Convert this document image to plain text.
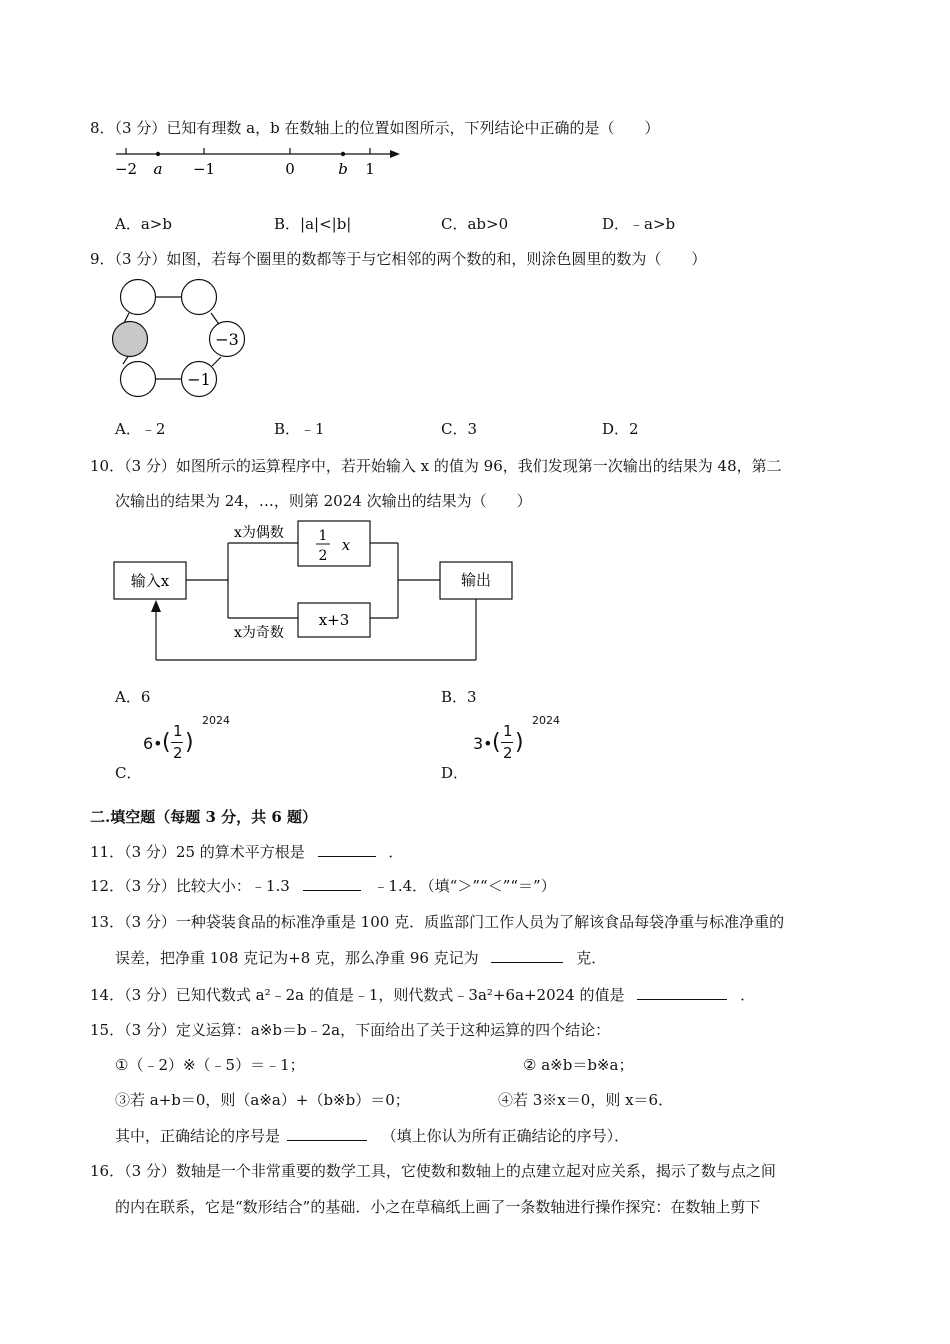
8．（3 分）已知有理数 a，b 在数轴上的位置如图所示，下列结论中正确的是（　　）
−2 a −1	0	b 1
A．a>b	B．|a|<|b|	C．ab>0	D．﹣a>b
9．（3 分）如图，若每个圈里的数都等于与它相邻的两个数的和，则涂色圆里的数为（　　）
−3
−1
A．﹣2	B．﹣1	C．3	D．2
10．（3 分）如图所示的运算程序中，若开始输入 x 的值为 96，我们发现第一次输出的结果为 48，第二
次输出的结果为 24，…，则第 2024 次输出的结果为（　　）
输入x
x为偶数
x为奇数
1
2
x
x+3
输出
A．6	B．3
6• ( 1
2 )
2024
C．
3• ( 1
2 )
2024
D．
二.填空题（每题 3 分，共 6 题）
11．（3 分）25 的算术平方根是	．
12．（3 分）比较大小：﹣1.3	﹣1.4．（填“＞”“＜”“＝”）
13．（3 分）一种袋装食品的标准净重是 100 克．质监部门工作人员为了解该食品每袋净重与标准净重的
误差，把净重 108 克记为+8 克，那么净重 96 克记为	克．
14．（3 分）已知代数式 a²﹣2a 的值是﹣1，则代数式﹣3a²+6a+2024 的值是	．
15．（3 分）定义运算：a※b＝b﹣2a，下面给出了关于这种运算的四个结论：
①（﹣2）※（﹣5）＝﹣1；	② a※b＝b※a；
③若 a+b＝0，则（a※a）+（b※b）＝0；	④若 3※x＝0，则 x＝6．
其中，正确结论的序号是	（填上你认为所有正确结论的序号）．
16．（3 分）数轴是一个非常重要的数学工具，它使数和数轴上的点建立起对应关系，揭示了数与点之间
的内在联系，它是“数形结合”的基础．小之在草稿纸上画了一条数轴进行操作探究：在数轴上剪下
